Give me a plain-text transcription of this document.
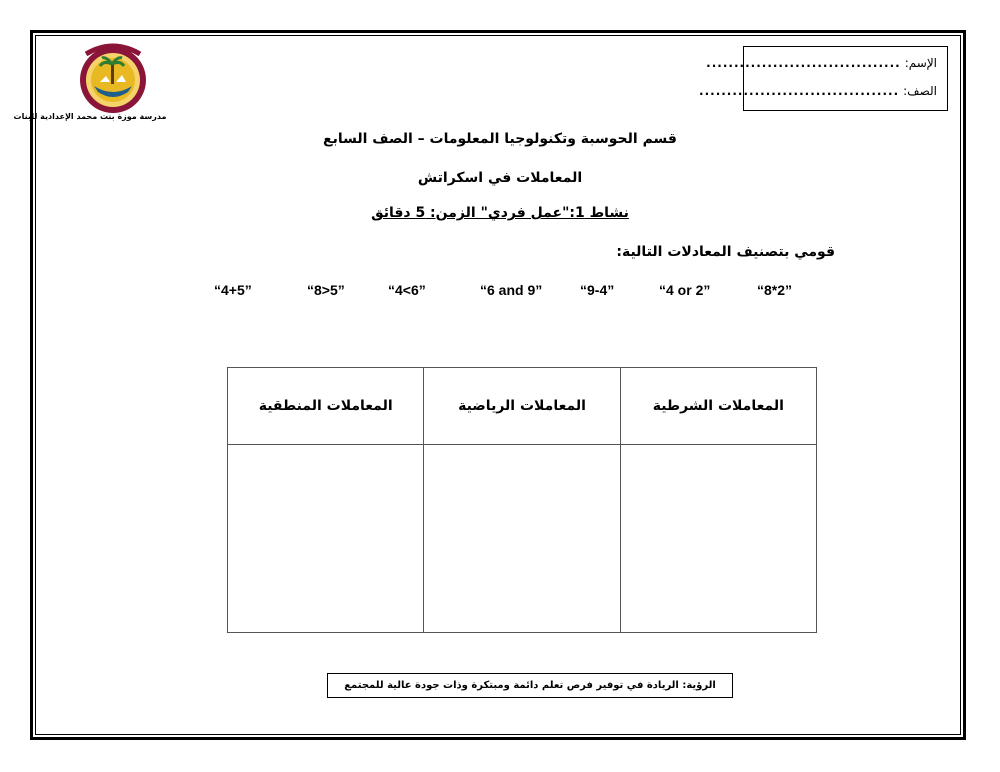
مدرسة موزة بنت محمد الإعدادية للبنات
الإسم:
...................................
الصف:
....................................
قسم الحوسبة وتكنولوجيا المعلومات – الصف السابع
المعاملات في اسكراتش
نشاط 1:"عمل فردي" الزمن: 5 دقائق
قومي بتصنيف المعادلات التالية:
“8*2”
“4 or 2”
“9-4”
“6 and 9”
“4<6”
“8>5”
“4+5”
المعاملات الشرطية	المعاملات الرياضية	المعاملات المنطقية

الرؤية: الريادة في توفير فرص تعلم دائمة ومبتكرة وذات جودة عالية للمجتمع
